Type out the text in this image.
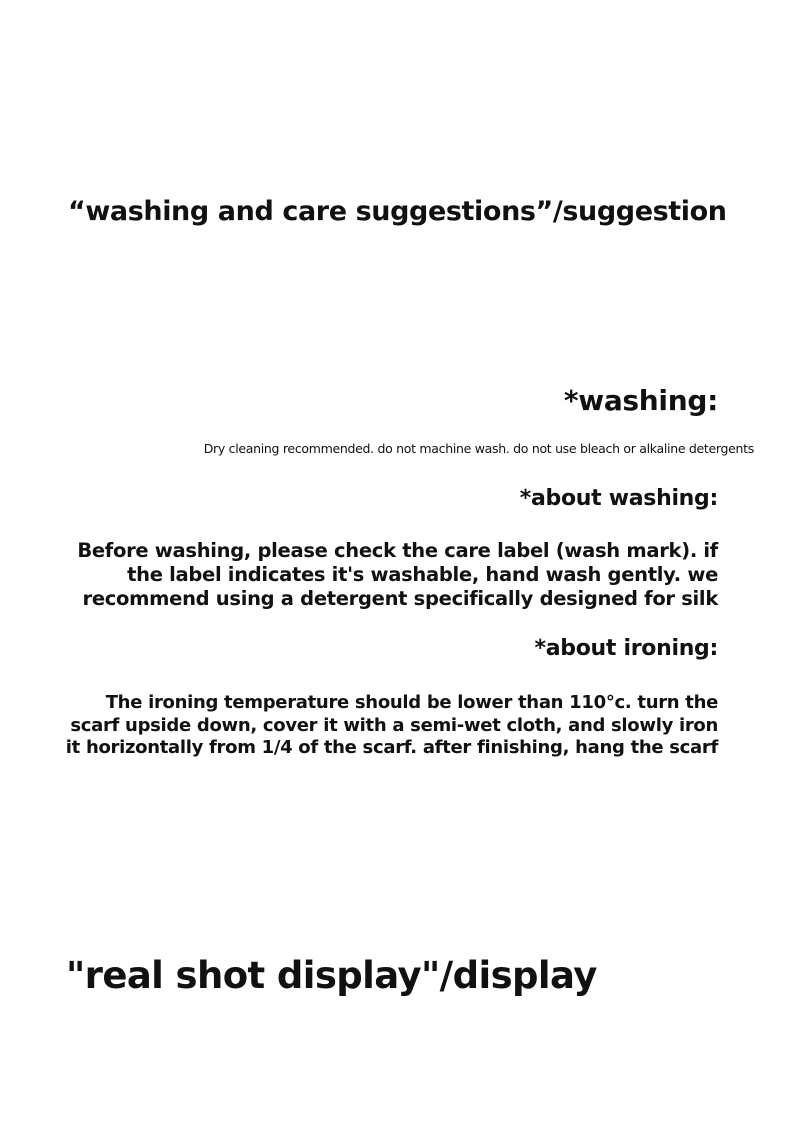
“washing and care suggestions”/suggestion
*washing:

Dry cleaning recommended. do not machine wash. do not use bleach or alkaline detergents

*about washing:

Before washing, please check the care label (wash mark). if the label indicates it's washable, hand wash gently. we recommend using a detergent specifically designed for silk

*about ironing:

The ironing temperature should be lower than 110°c. turn the scarf upside down, cover it with a semi-wet cloth, and slowly iron it horizontally from 1/4 of the scarf. after finishing, hang the scarf

"real shot display"/display
